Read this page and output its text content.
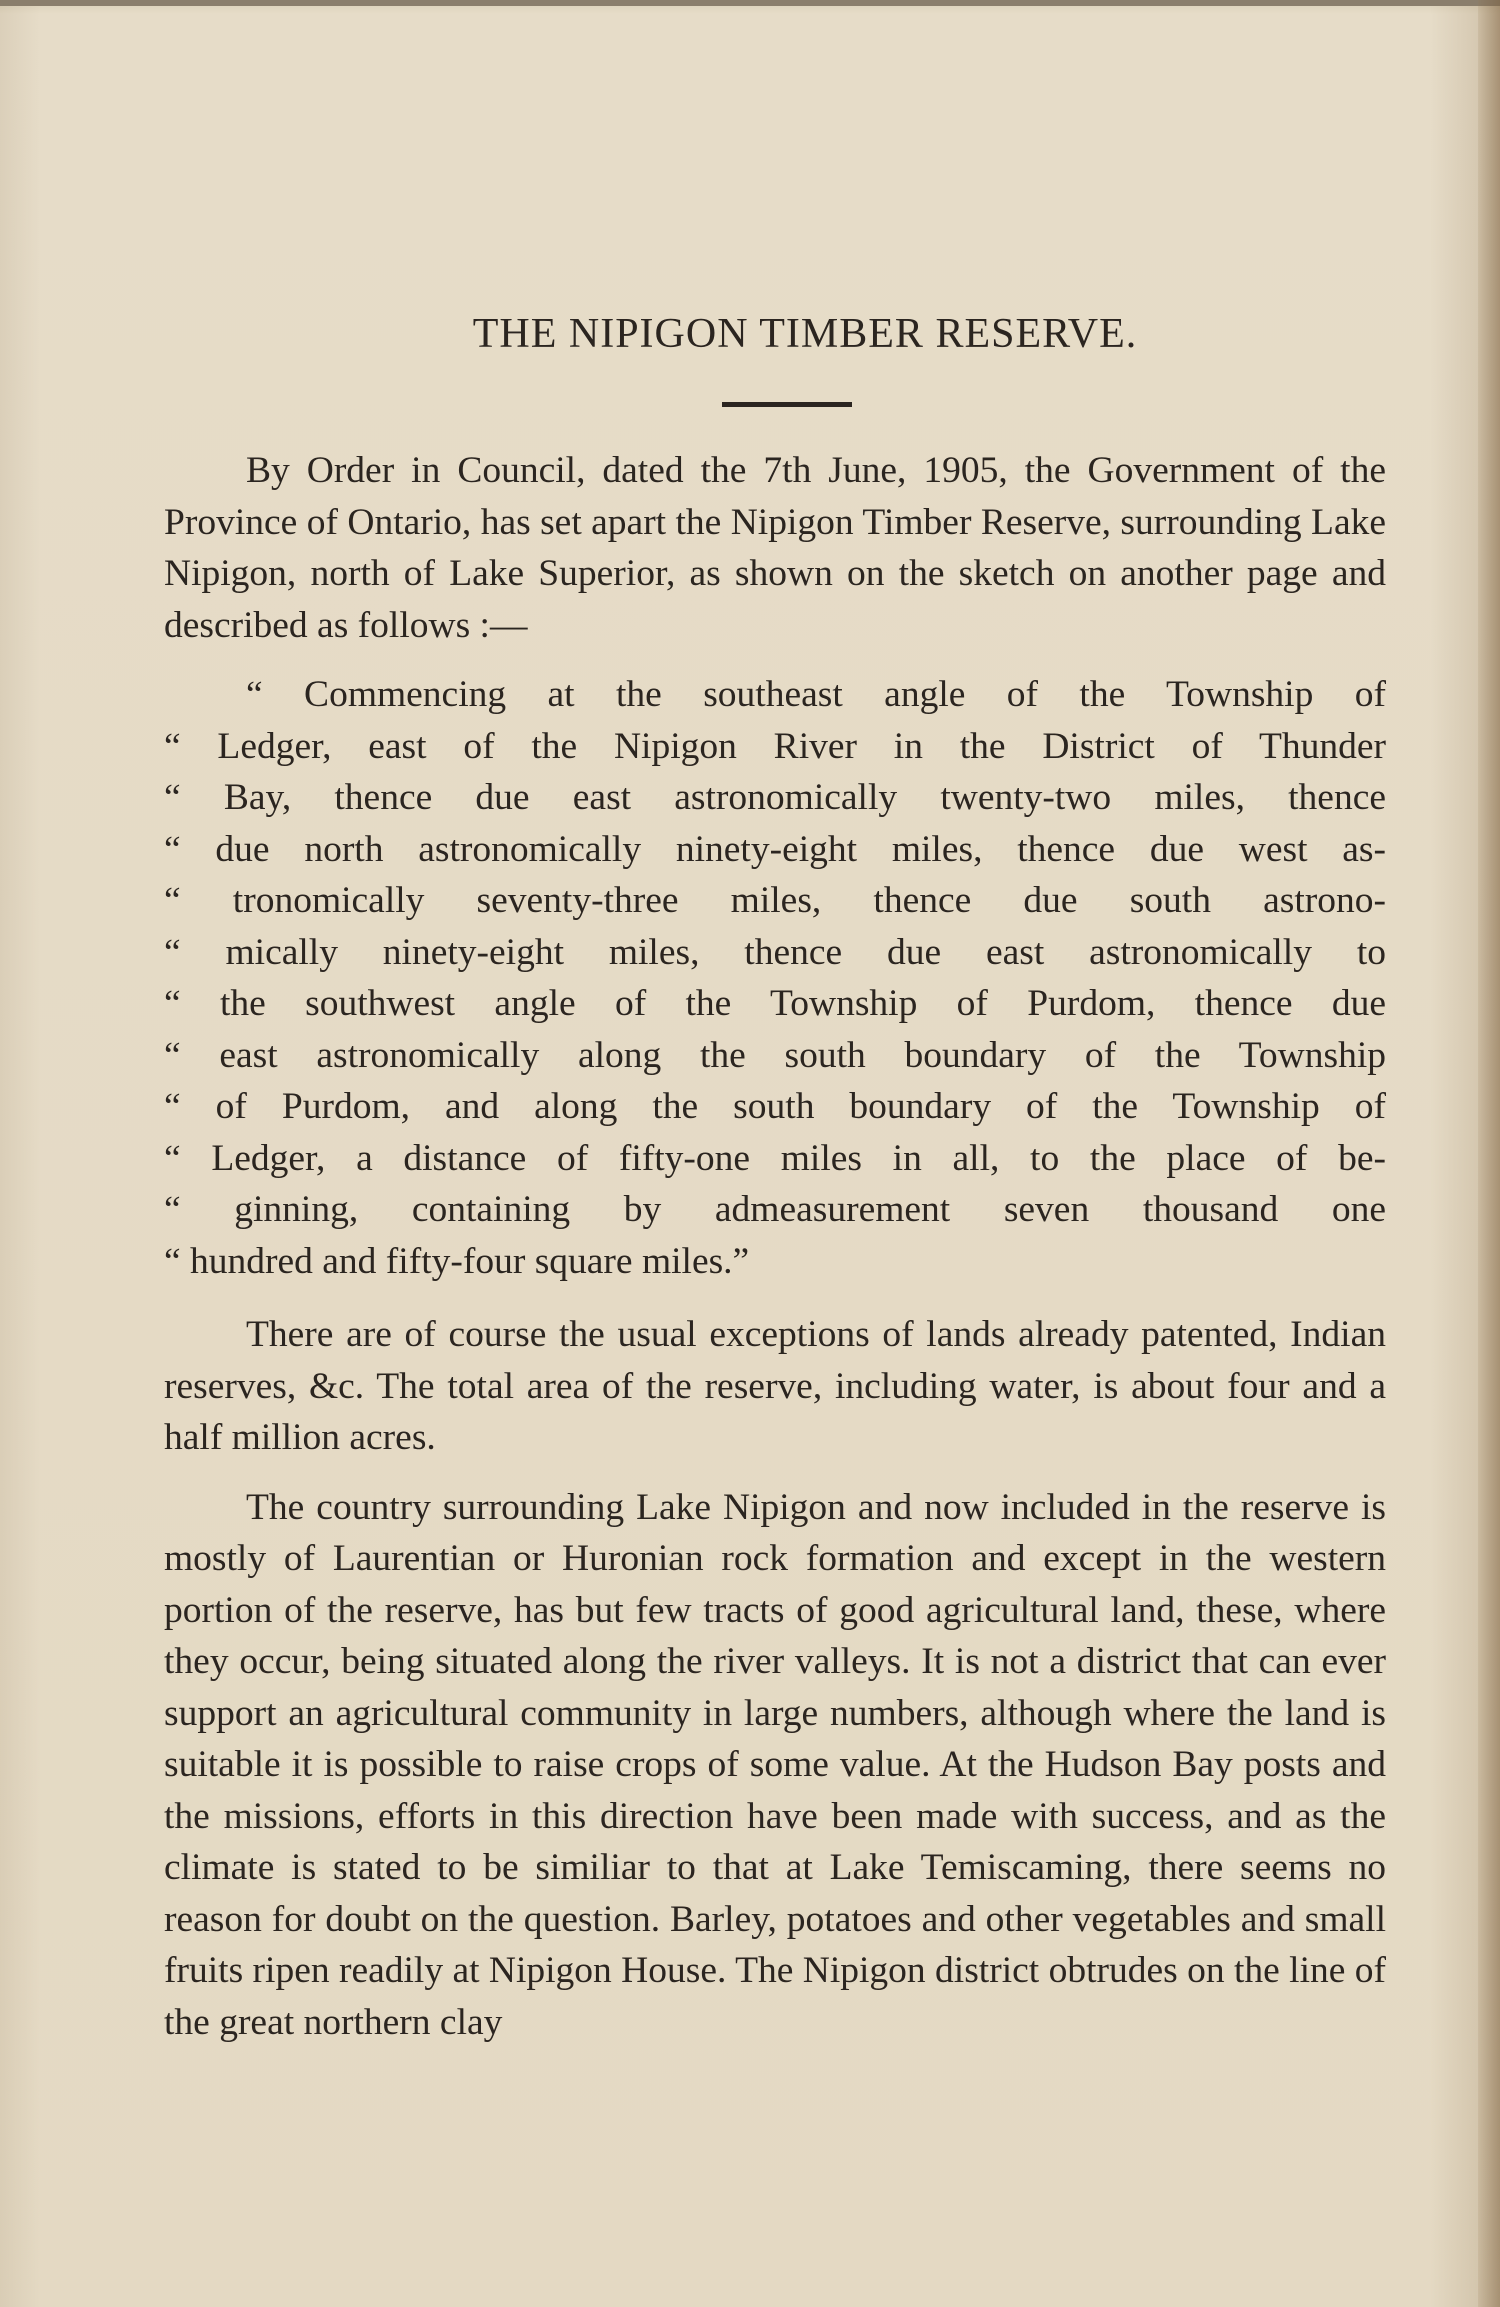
THE NIPIGON TIMBER RESERVE.

By Order in Council, dated the 7th June, 1905, the Government of the Province of Ontario, has set apart the Nipigon Timber Reserve, surrounding Lake Nipigon, north of Lake Superior, as shown on the sketch on another page and described as follows :—

“ Commencing at the southeast angle of the Township of
“ Ledger, east of the Nipigon River in the District of Thunder
“ Bay, thence due east astronomically twenty-two miles, thence
“ due north astronomically ninety-eight miles, thence due west as-
“ tronomically seventy-three miles, thence due south astrono-
“ mically ninety-eight miles, thence due east astronomically to
“ the southwest angle of the Township of Purdom, thence due
“ east astronomically along the south boundary of the Township
“ of Purdom, and along the south boundary of the Township of
“ Ledger, a distance of fifty-one miles in all, to the place of be-
“ ginning, containing by admeasurement seven thousand one
“ hundred and fifty-four square miles.”

There are of course the usual exceptions of lands already patented, Indian reserves, &c. The total area of the reserve, including water, is about four and a half million acres.

The country surrounding Lake Nipigon and now included in the reserve is mostly of Laurentian or Huronian rock formation and except in the western portion of the reserve, has but few tracts of good agricultural land, these, where they occur, being situated along the river valleys. It is not a district that can ever support an agricultural community in large numbers, although where the land is suitable it is possible to raise crops of some value. At the Hudson Bay posts and the missions, efforts in this direction have been made with success, and as the climate is stated to be similiar to that at Lake Temiscaming, there seems no reason for doubt on the question. Barley, potatoes and other vegetables and small fruits ripen readily at Nipigon House. The Nipigon district obtrudes on the line of the great northern clay
